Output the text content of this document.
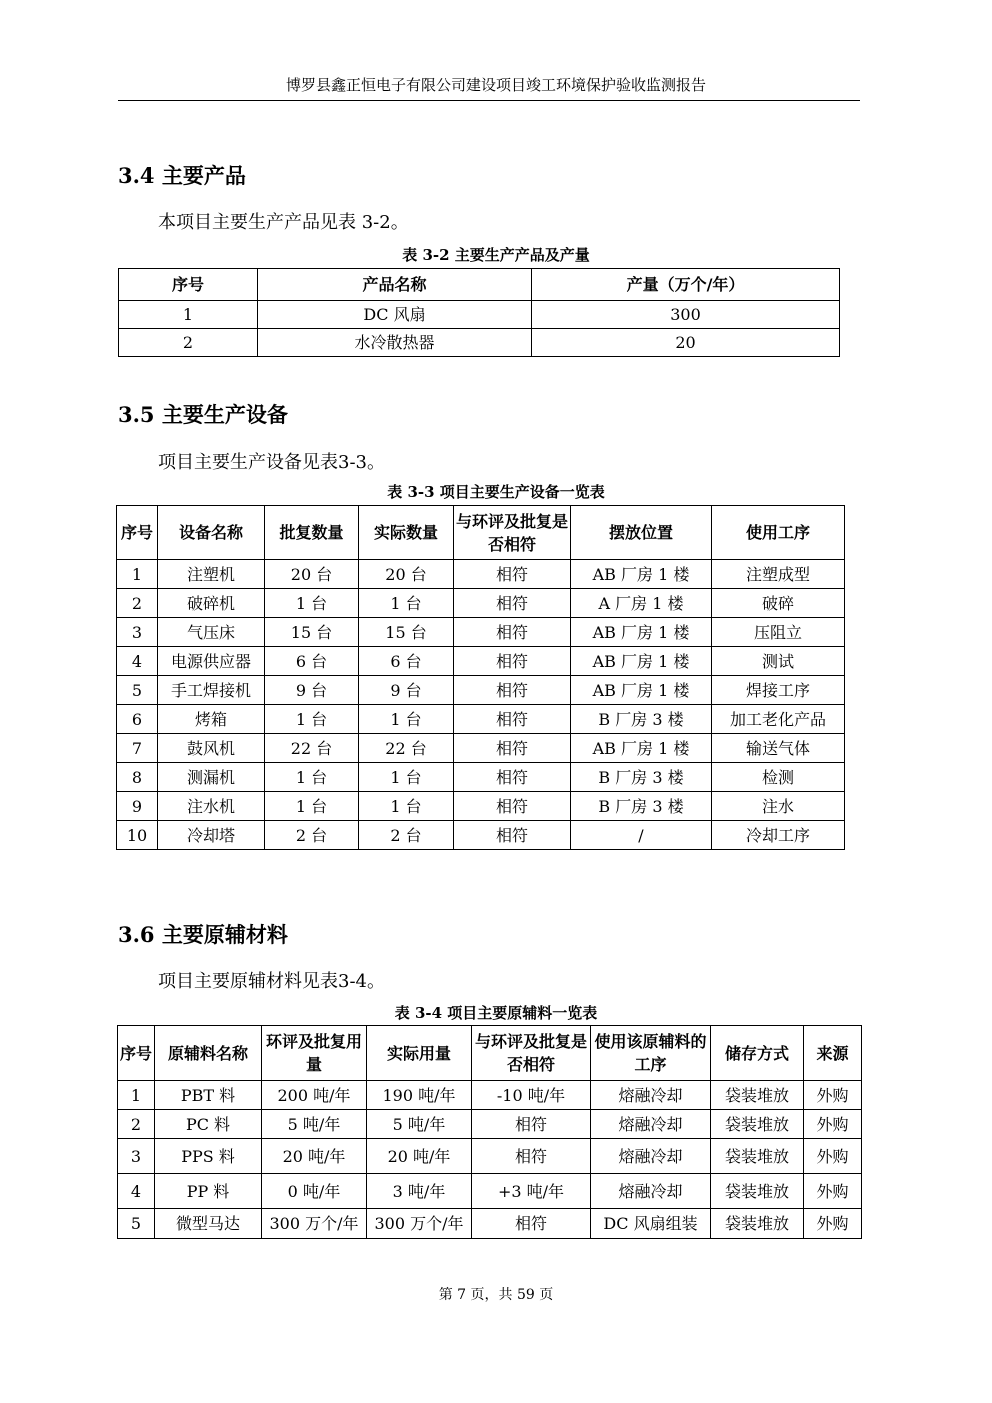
博罗县鑫正恒电子有限公司建设项目竣工环境保护验收监测报告
3.4 主要产品
本项目主要生产产品见表 3-2。
表 3-2 主要生产产品及产量
序号	产品名称	产量（万个/年）
1	DC 风扇	300
2	水冷散热器	20
3.5 主要生产设备
项目主要生产设备见表3-3。
表 3-3 项目主要生产设备一览表
序号	设备名称	批复数量	实际数量	与环评及批复是否相符	摆放位置	使用工序
1	注塑机	20 台	20 台	相符	AB 厂房 1 楼	注塑成型
2	破碎机	1 台	1 台	相符	A 厂房 1 楼	破碎
3	气压床	15 台	15 台	相符	AB 厂房 1 楼	压阻立
4	电源供应器	6 台	6 台	相符	AB 厂房 1 楼	测试
5	手工焊接机	9 台	9 台	相符	AB 厂房 1 楼	焊接工序
6	烤箱	1 台	1 台	相符	B 厂房 3 楼	加工老化产品
7	鼓风机	22 台	22 台	相符	AB 厂房 1 楼	输送气体
8	测漏机	1 台	1 台	相符	B 厂房 3 楼	检测
9	注水机	1 台	1 台	相符	B 厂房 3 楼	注水
10	冷却塔	2 台	2 台	相符	/	冷却工序
3.6 主要原辅材料
项目主要原辅材料见表3-4。
表 3-4 项目主要原辅料一览表
序号	原辅料名称	环评及批复用量	实际用量	与环评及批复是否相符	使用该原辅料的工序	储存方式	来源
1	PBT 料	200 吨/年	190 吨/年	-10 吨/年	熔融冷却	袋装堆放	外购
2	PC 料	5 吨/年	5 吨/年	相符	熔融冷却	袋装堆放	外购
3	PPS 料	20 吨/年	20 吨/年	相符	熔融冷却	袋装堆放	外购
4	PP 料	0 吨/年	3 吨/年	+3 吨/年	熔融冷却	袋装堆放	外购
5	微型马达	300 万个/年	300 万个/年	相符	DC 风扇组装	袋装堆放	外购
第 7 页，共 59 页
